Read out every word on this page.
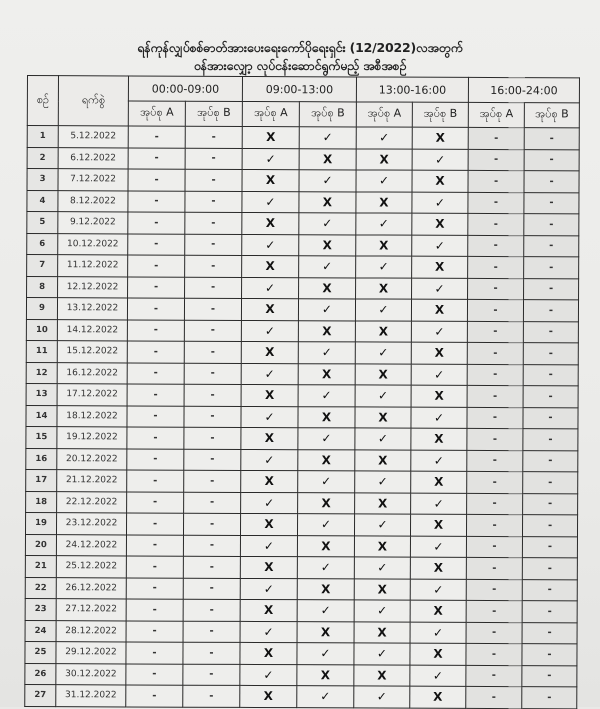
ရန်ကုန်လျှပ်စစ်ဓာတ်အားပေးရေးကော်ပိုရေးရှင်း (12/2022)လအတွက်
ဝန်အားလျှော့ လုပ်ငန်းဆောင်ရွက်မည့် အစီအစဉ်
စဉ်	ရက်စွဲ	00:00-09:00		09:00-13:00		13:00-16:00		16:00-24:00	
		အုပ်စု A	အုပ်စု B	အုပ်စု A	အုပ်စု B	အုပ်စု A	အုပ်စု B	အုပ်စု A	အုပ်စု B
1	5.12.2022	-	-	X	✓	✓	X	-	-
2	6.12.2022	-	-	✓	X	X	✓	-	-
3	7.12.2022	-	-	X	✓	✓	X	-	-
4	8.12.2022	-	-	✓	X	X	✓	-	-
5	9.12.2022	-	-	X	✓	✓	X	-	-
6	10.12.2022	-	-	✓	X	X	✓	-	-
7	11.12.2022	-	-	X	✓	✓	X	-	-
8	12.12.2022	-	-	✓	X	X	✓	-	-
9	13.12.2022	-	-	X	✓	✓	X	-	-
10	14.12.2022	-	-	✓	X	X	✓	-	-
11	15.12.2022	-	-	X	✓	✓	X	-	-
12	16.12.2022	-	-	✓	X	X	✓	-	-
13	17.12.2022	-	-	X	✓	✓	X	-	-
14	18.12.2022	-	-	✓	X	X	✓	-	-
15	19.12.2022	-	-	X	✓	✓	X	-	-
16	20.12.2022	-	-	✓	X	X	✓	-	-
17	21.12.2022	-	-	X	✓	✓	X	-	-
18	22.12.2022	-	-	✓	X	X	✓	-	-
19	23.12.2022	-	-	X	✓	✓	X	-	-
20	24.12.2022	-	-	✓	X	X	✓	-	-
21	25.12.2022	-	-	X	✓	✓	X	-	-
22	26.12.2022	-	-	✓	X	X	✓	-	-
23	27.12.2022	-	-	X	✓	✓	X	-	-
24	28.12.2022	-	-	✓	X	X	✓	-	-
25	29.12.2022	-	-	X	✓	✓	X	-	-
26	30.12.2022	-	-	✓	X	X	✓	-	-
27	31.12.2022	-	-	X	✓	✓	X	-	-
